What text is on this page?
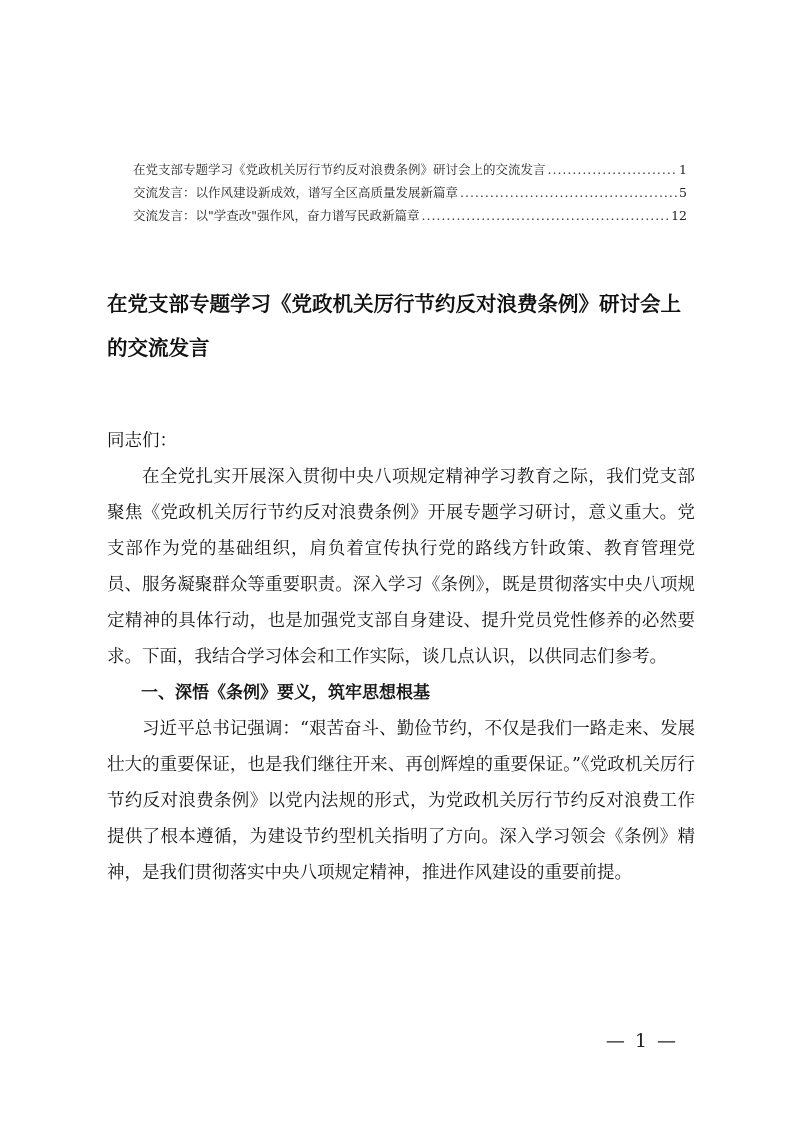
在党支部专题学习《党政机关厉行节约反对浪费条例》研讨会上的交流发言 .....	1
交流发言：以作风建设新成效，谱写全区高质量发展新篇章 .....	5
交流发言：以"学查改"强作风，奋力谱写民政新篇章 .....	12
在党支部专题学习《党政机关厉行节约反对浪费条例》研讨会上的交流发言

同志们：

在全党扎实开展深入贯彻中央八项规定精神学习教育之际，我们党支部聚焦《党政机关厉行节约反对浪费条例》开展专题学习研讨，意义重大。党支部作为党的基础组织，肩负着宣传执行党的路线方针政策、教育管理党员、服务凝聚群众等重要职责。深入学习《条例》，既是贯彻落实中央八项规定精神的具体行动，也是加强党支部自身建设、提升党员党性修养的必然要求。下面，我结合学习体会和工作实际，谈几点认识，以供同志们参考。

一、深悟《条例》要义，筑牢思想根基

习近平总书记强调：“艰苦奋斗、勤俭节约，不仅是我们一路走来、发展壮大的重要保证，也是我们继往开来、再创辉煌的重要保证。”《党政机关厉行节约反对浪费条例》以党内法规的形式，为党政机关厉行节约反对浪费工作提供了根本遵循，为建设节约型机关指明了方向。深入学习领会《条例》精神，是我们贯彻落实中央八项规定精神，推进作风建设的重要前提。

— 1 —
